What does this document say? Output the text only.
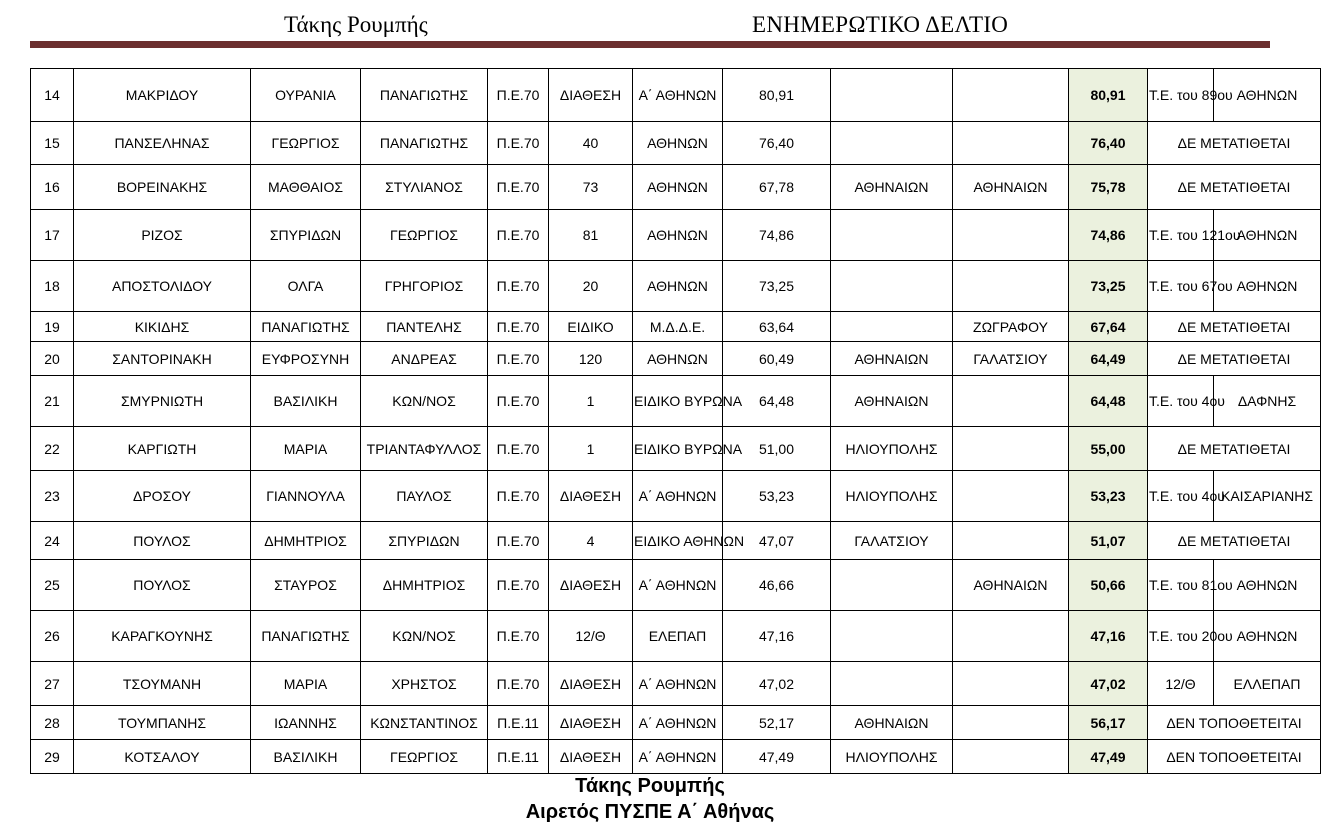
Τάκης Ρουμπής	ΕΝΗΜΕΡΩΤΙΚΟ ΔΕΛΤΙΟ
14	ΜΑΚΡΙΔΟΥ	ΟΥΡΑΝΙΑ	ΠΑΝΑΓΙΩΤΗΣ	Π.Ε.70	ΔΙΑΘΕΣΗ	Α΄ ΑΘΗΝΩΝ	80,91			80,91	Τ.Ε. του 89ου	ΑΘΗΝΩΝ
15	ΠΑΝΣΕΛΗΝΑΣ	ΓΕΩΡΓΙΟΣ	ΠΑΝΑΓΙΩΤΗΣ	Π.Ε.70	40	ΑΘΗΝΩΝ	76,40			76,40	ΔΕ ΜΕΤΑΤΙΘΕΤΑΙ	
16	ΒΟΡΕΙΝΑΚΗΣ	ΜΑΘΘΑΙΟΣ	ΣΤΥΛΙΑΝΟΣ	Π.Ε.70	73	ΑΘΗΝΩΝ	67,78	ΑΘΗΝΑΙΩΝ	ΑΘΗΝΑΙΩΝ	75,78	ΔΕ ΜΕΤΑΤΙΘΕΤΑΙ	
17	ΡΙΖΟΣ	ΣΠΥΡΙΔΩΝ	ΓΕΩΡΓΙΟΣ	Π.Ε.70	81	ΑΘΗΝΩΝ	74,86			74,86	Τ.Ε. του 121ου	ΑΘΗΝΩΝ
18	ΑΠΟΣΤΟΛΙΔΟΥ	ΟΛΓΑ	ΓΡΗΓΟΡΙΟΣ	Π.Ε.70	20	ΑΘΗΝΩΝ	73,25			73,25	Τ.Ε. του 67ου	ΑΘΗΝΩΝ
19	ΚΙΚΙΔΗΣ	ΠΑΝΑΓΙΩΤΗΣ	ΠΑΝΤΕΛΗΣ	Π.Ε.70	ΕΙΔΙΚΟ	Μ.Δ.Δ.Ε.	63,64		ΖΩΓΡΑΦΟΥ	67,64	ΔΕ ΜΕΤΑΤΙΘΕΤΑΙ	
20	ΣΑΝΤΟΡΙΝΑΚΗ	ΕΥΦΡΟΣΥΝΗ	ΑΝΔΡΕΑΣ	Π.Ε.70	120	ΑΘΗΝΩΝ	60,49	ΑΘΗΝΑΙΩΝ	ΓΑΛΑΤΣΙΟΥ	64,49	ΔΕ ΜΕΤΑΤΙΘΕΤΑΙ	
21	ΣΜΥΡΝΙΩΤΗ	ΒΑΣΙΛΙΚΗ	ΚΩΝ/ΝΟΣ	Π.Ε.70	1	ΕΙΔΙΚΟ ΒΥΡΩΝΑ	64,48	ΑΘΗΝΑΙΩΝ		64,48	Τ.Ε. του 4ου	ΔΑΦΝΗΣ
22	ΚΑΡΓΙΩΤΗ	ΜΑΡΙΑ	ΤΡΙΑΝΤΑΦΥΛΛΟΣ	Π.Ε.70	1	ΕΙΔΙΚΟ ΒΥΡΩΝΑ	51,00	ΗΛΙΟΥΠΟΛΗΣ		55,00	ΔΕ ΜΕΤΑΤΙΘΕΤΑΙ	
23	ΔΡΟΣΟΥ	ΓΙΑΝΝΟΥΛΑ	ΠΑΥΛΟΣ	Π.Ε.70	ΔΙΑΘΕΣΗ	Α΄ ΑΘΗΝΩΝ	53,23	ΗΛΙΟΥΠΟΛΗΣ		53,23	Τ.Ε. του 4ου	ΚΑΙΣΑΡΙΑΝΗΣ
24	ΠΟΥΛΟΣ	ΔΗΜΗΤΡΙΟΣ	ΣΠΥΡΙΔΩΝ	Π.Ε.70	4	ΕΙΔΙΚΟ ΑΘΗΝΩΝ	47,07	ΓΑΛΑΤΣΙΟΥ		51,07	ΔΕ ΜΕΤΑΤΙΘΕΤΑΙ	
25	ΠΟΥΛΟΣ	ΣΤΑΥΡΟΣ	ΔΗΜΗΤΡΙΟΣ	Π.Ε.70	ΔΙΑΘΕΣΗ	Α΄ ΑΘΗΝΩΝ	46,66		ΑΘΗΝΑΙΩΝ	50,66	Τ.Ε. του 81ου	ΑΘΗΝΩΝ
26	ΚΑΡΑΓΚΟΥΝΗΣ	ΠΑΝΑΓΙΩΤΗΣ	ΚΩΝ/ΝΟΣ	Π.Ε.70	12/Θ	ΕΛΕΠΑΠ	47,16			47,16	Τ.Ε. του 20ου	ΑΘΗΝΩΝ
27	ΤΣΟΥΜΑΝΗ	ΜΑΡΙΑ	ΧΡΗΣΤΟΣ	Π.Ε.70	ΔΙΑΘΕΣΗ	Α΄ ΑΘΗΝΩΝ	47,02			47,02	12/Θ	ΕΛΛΕΠΑΠ
28	ΤΟΥΜΠΑΝΗΣ	ΙΩΑΝΝΗΣ	ΚΩΝΣΤΑΝΤΙΝΟΣ	Π.Ε.11	ΔΙΑΘΕΣΗ	Α΄ ΑΘΗΝΩΝ	52,17	ΑΘΗΝΑΙΩΝ		56,17	ΔΕΝ ΤΟΠΟΘΕΤΕΙΤΑΙ	
29	ΚΟΤΣΑΛΟΥ	ΒΑΣΙΛΙΚΗ	ΓΕΩΡΓΙΟΣ	Π.Ε.11	ΔΙΑΘΕΣΗ	Α΄ ΑΘΗΝΩΝ	47,49	ΗΛΙΟΥΠΟΛΗΣ		47,49	ΔΕΝ ΤΟΠΟΘΕΤΕΙΤΑΙ	
Τάκης Ρουμπής
Αιρετός ΠΥΣΠΕ Α΄ Αθήνας
